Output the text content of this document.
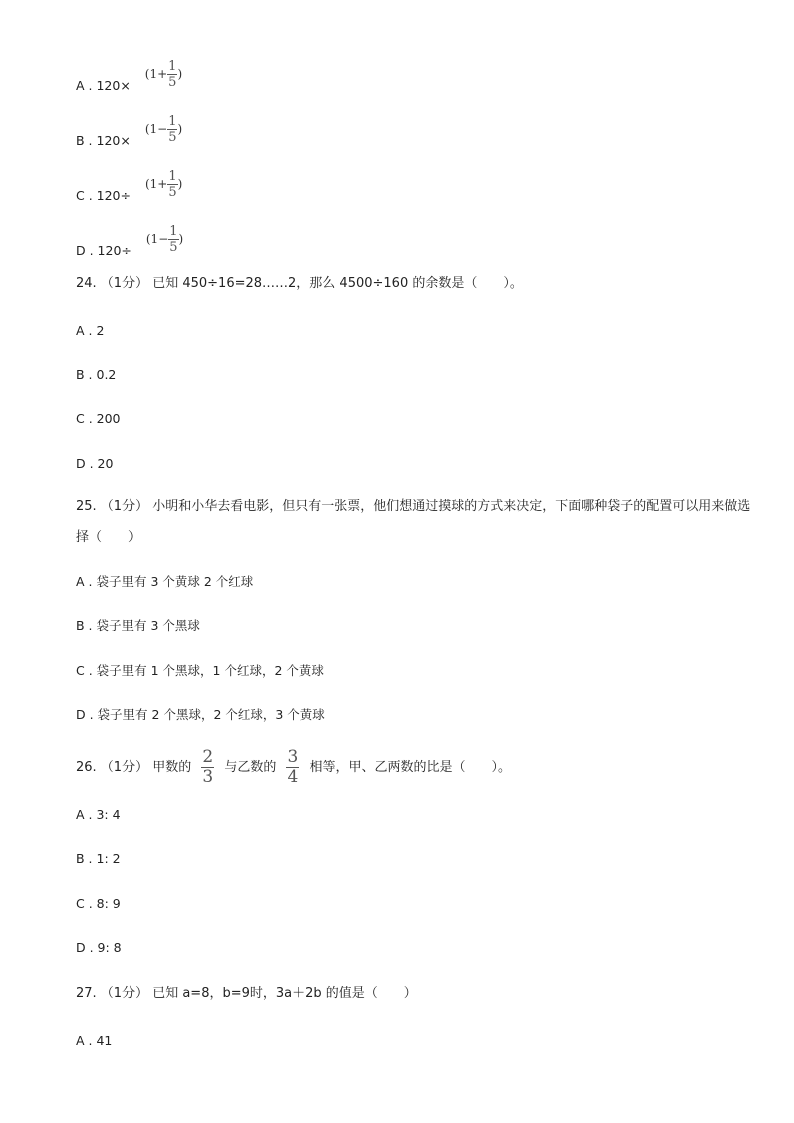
A . $120\times (1+ \frac{1}{5}$ )
B . $120\times (1- \frac{1}{5}$ )
C . $120\div (1+ \frac{1}{5}$ )
D . $120\div (1- \frac{1}{5}$ )
24. （1分） 已知 450÷16=28……2，那么 4500÷160 的余数是（　　）。
A . 2
B . 0.2
C . 200
D . 20
25. （1分） 小明和小华去看电影，但只有一张票，他们想通过摸球的方式来决定，下面哪种袋子的配置可以用来做选择（　　）
A . 袋子里有 3 个黄球 2 个红球
B . 袋子里有 3 个黑球
C . 袋子里有 1 个黑球，1 个红球，2 个黄球
D . 袋子里有 2 个黑球，2 个红球，3 个黄球
26. （1分） 甲数的 $\frac{2}{3}$ 与乙数的 $\frac{3}{4}$ 相等，甲、乙两数的比是（　　）。
A . 3: 4
B . 1: 2
C . 8: 9
D . 9: 8
27. （1分） 已知 a=8，b=9时，3a＋2b 的值是（　　）
A . 41
